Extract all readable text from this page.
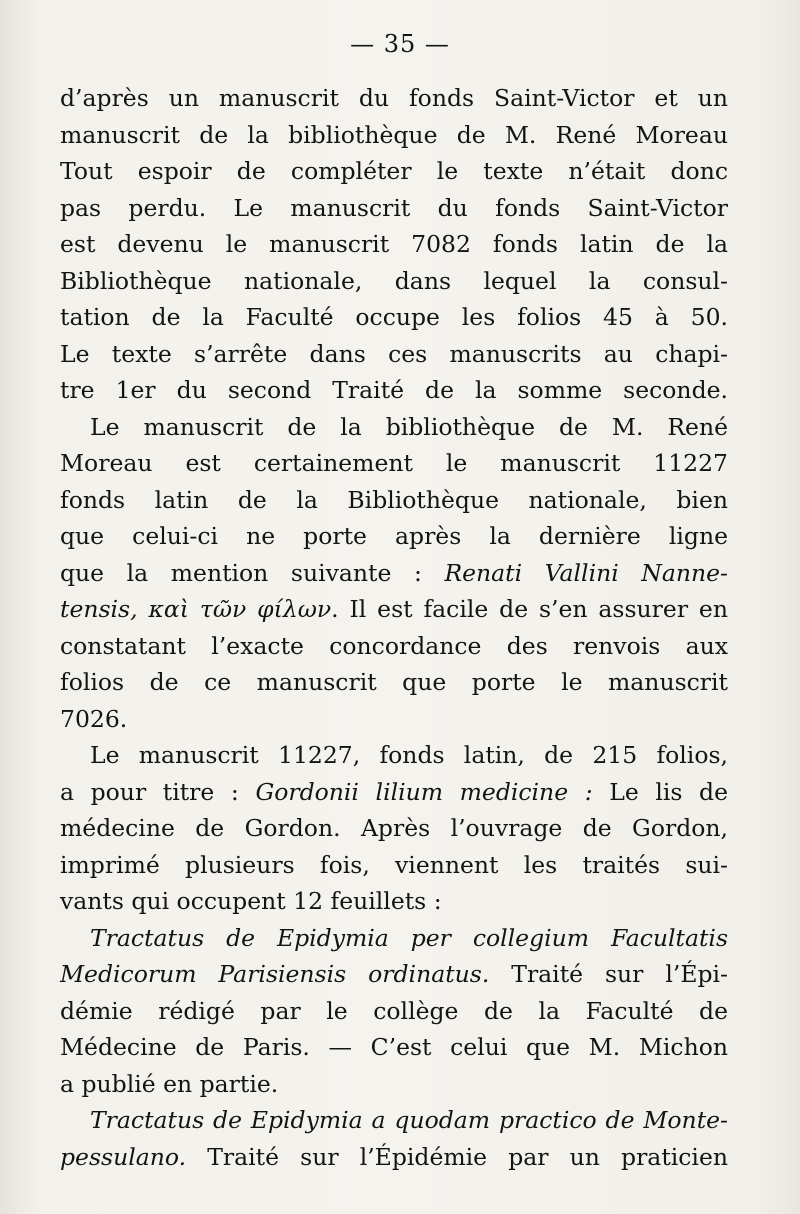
— 35 —
d’après un manuscrit du fonds Saint-Victor et un
manuscrit de la bibliothèque de M. René Moreau
Tout espoir de compléter le texte n’était donc
pas perdu. Le manuscrit du fonds Saint-Victor
est devenu le manuscrit 7082 fonds latin de la
Bibliothèque nationale, dans lequel la consul-
tation de la Faculté occupe les folios 45 à 50.
Le texte s’arrête dans ces manuscrits au chapi-
tre 1er du second Traité de la somme seconde.
Le manuscrit de la bibliothèque de M. René
Moreau est certainement le manuscrit 11227
fonds latin de la Bibliothèque nationale, bien
que celui-ci ne porte après la dernière ligne
que la mention suivante : Renati Vallini Nanne-
tensis, καὶ τῶν φίλων. Il est facile de s’en assurer en
constatant l’exacte concordance des renvois aux
folios de ce manuscrit que porte le manuscrit
7026.
Le manuscrit 11227, fonds latin, de 215 folios,
a pour titre : Gordonii lilium medicine : Le lis de
médecine de Gordon. Après l’ouvrage de Gordon,
imprimé plusieurs fois, viennent les traités sui-
vants qui occupent 12 feuillets :
Tractatus de Epidymia per collegium Facultatis
Medicorum Parisiensis ordinatus. Traité sur l’Épi-
démie rédigé par le collège de la Faculté de
Médecine de Paris. — C’est celui que M. Michon
a publié en partie.
Tractatus de Epidymia a quodam practico de Monte-
pessulano. Traité sur l’Épidémie par un praticien
